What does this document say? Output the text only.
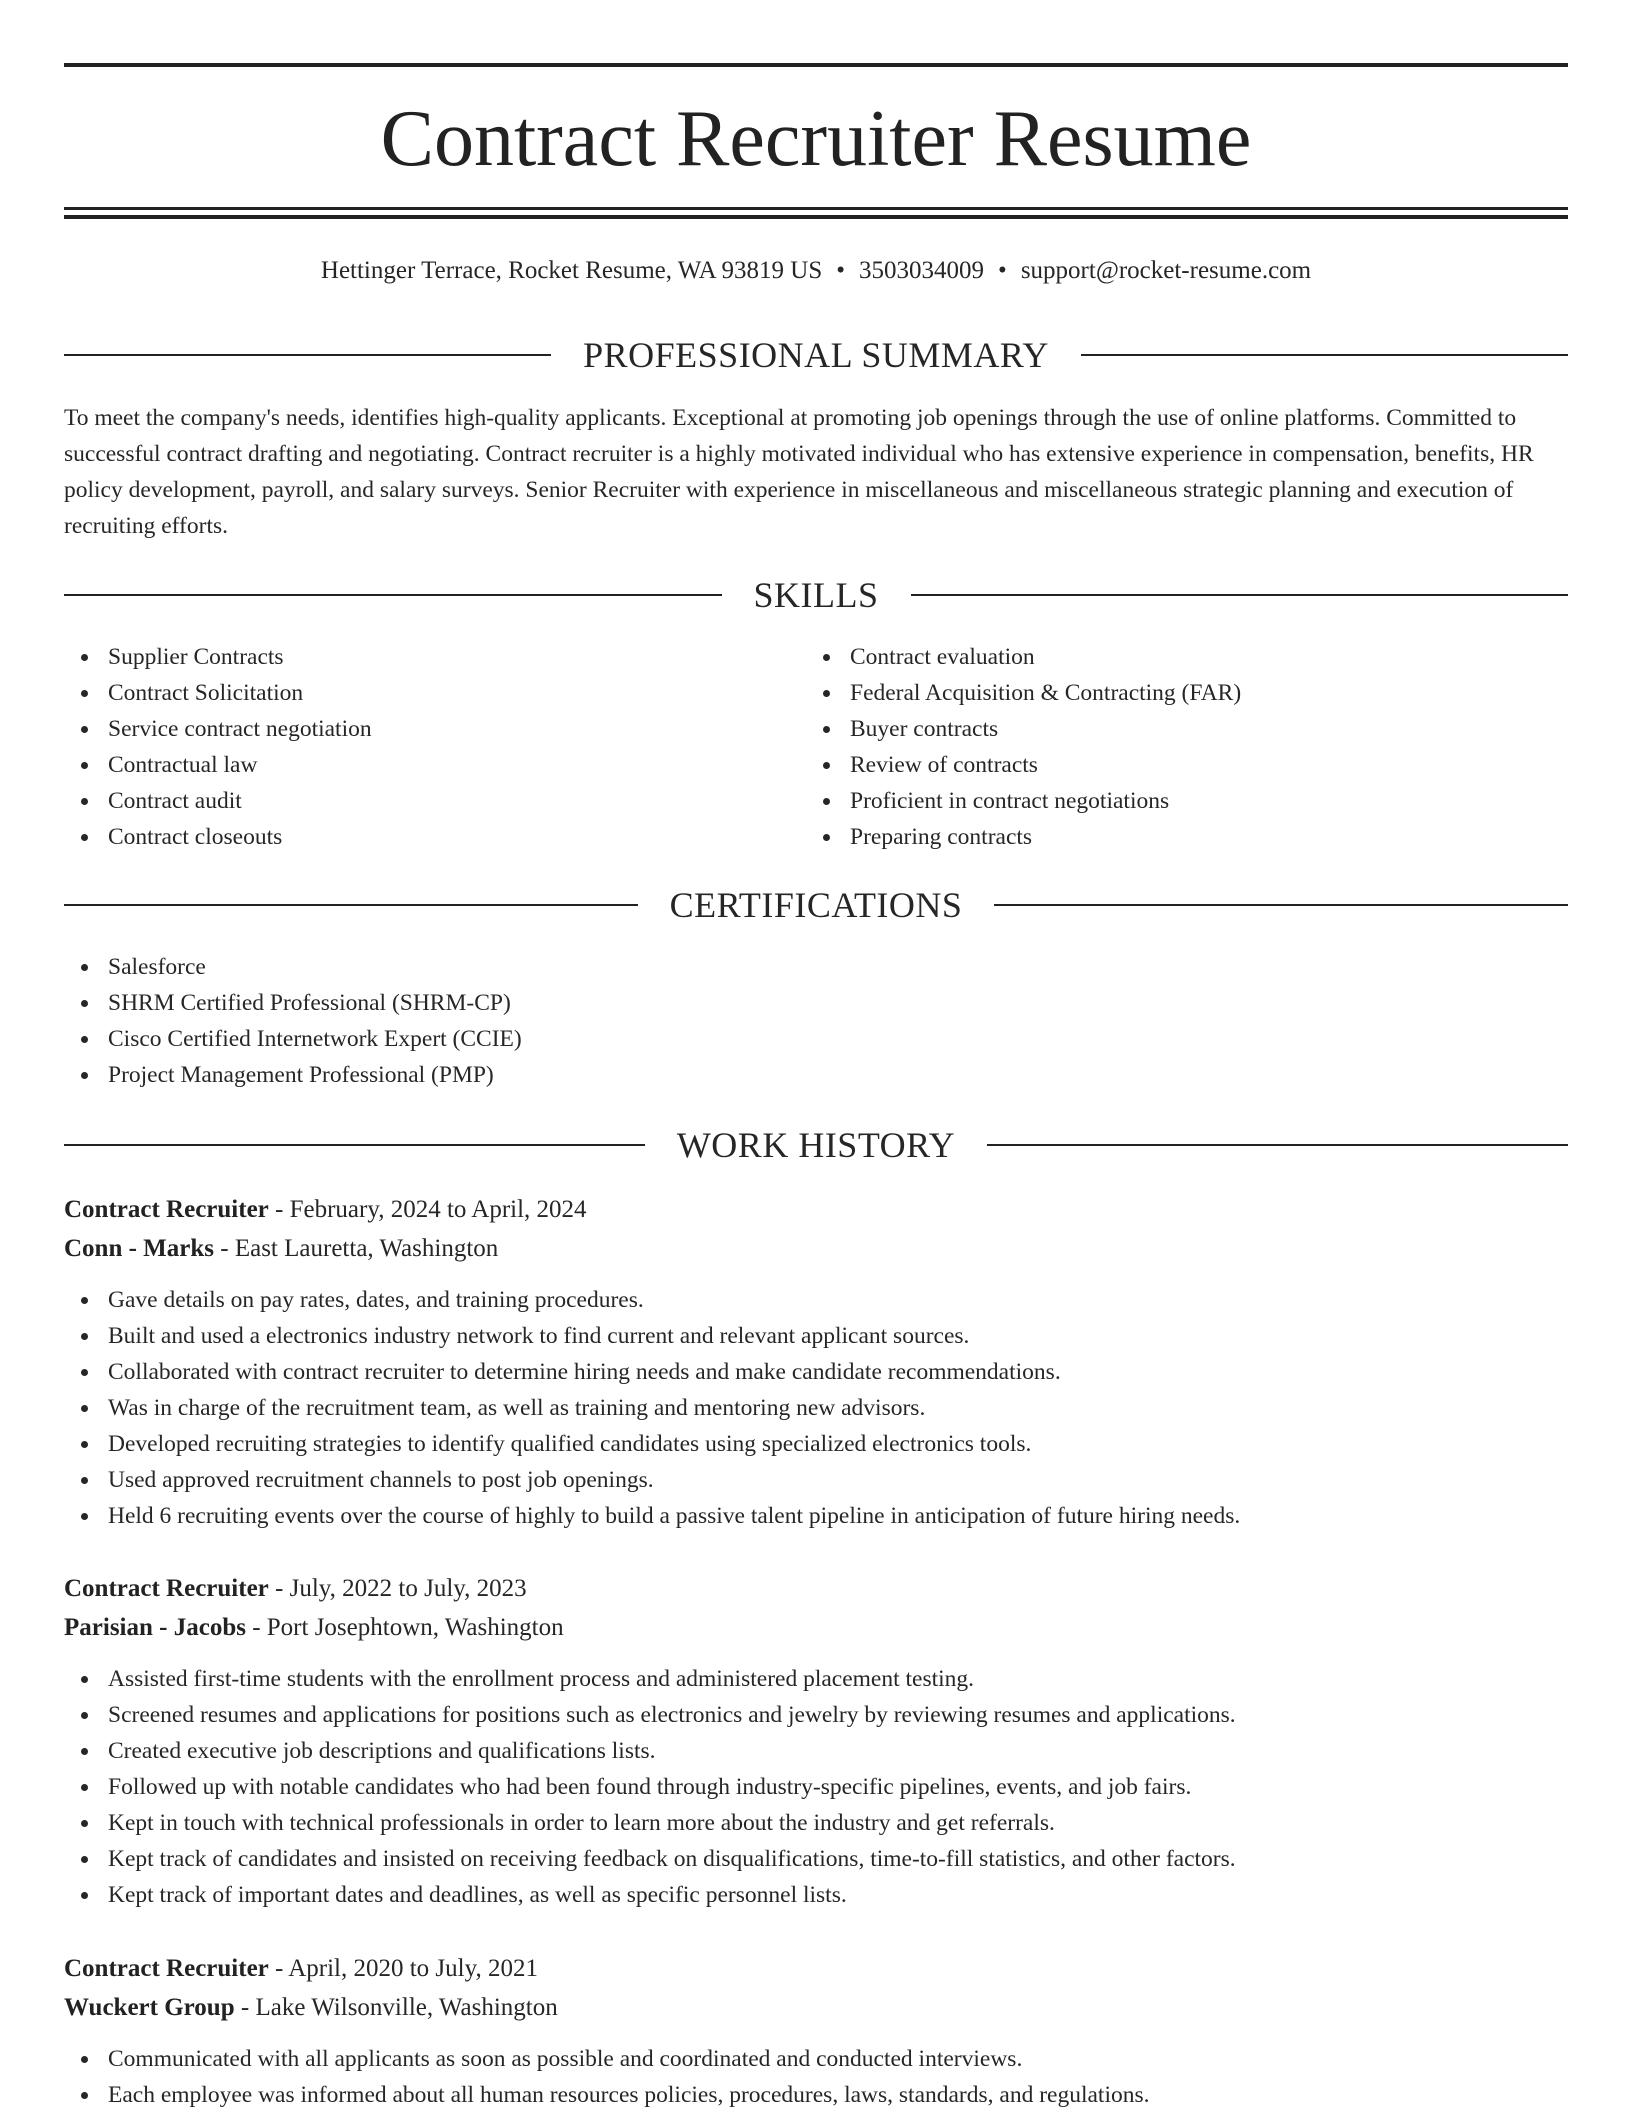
Contract Recruiter Resume
Hettinger Terrace, Rocket Resume, WA 93819 US • 3503034009 • support@rocket-resume.com
PROFESSIONAL SUMMARY

To meet the company's needs, identifies high-quality applicants. Exceptional at promoting job openings through the use of online platforms. Committed to successful contract drafting and negotiating. Contract recruiter is a highly motivated individual who has extensive experience in compensation, benefits, HR policy development, payroll, and salary surveys. Senior Recruiter with experience in miscellaneous and miscellaneous strategic planning and execution of recruiting efforts.

SKILLS
Supplier Contracts
Contract Solicitation
Service contract negotiation
Contractual law
Contract audit
Contract closeouts
Contract evaluation
Federal Acquisition & Contracting (FAR)
Buyer contracts
Review of contracts
Proficient in contract negotiations
Preparing contracts
CERTIFICATIONS
Salesforce
SHRM Certified Professional (SHRM-CP)
Cisco Certified Internetwork Expert (CCIE)
Project Management Professional (PMP)
WORK HISTORY
Contract Recruiter - February, 2024 to April, 2024
Conn - Marks - East Lauretta, Washington
Gave details on pay rates, dates, and training procedures.
Built and used a electronics industry network to find current and relevant applicant sources.
Collaborated with contract recruiter to determine hiring needs and make candidate recommendations.
Was in charge of the recruitment team, as well as training and mentoring new advisors.
Developed recruiting strategies to identify qualified candidates using specialized electronics tools.
Used approved recruitment channels to post job openings.
Held 6 recruiting events over the course of highly to build a passive talent pipeline in anticipation of future hiring needs.
Contract Recruiter - July, 2022 to July, 2023
Parisian - Jacobs - Port Josephtown, Washington
Assisted first-time students with the enrollment process and administered placement testing.
Screened resumes and applications for positions such as electronics and jewelry by reviewing resumes and applications.
Created executive job descriptions and qualifications lists.
Followed up with notable candidates who had been found through industry-specific pipelines, events, and job fairs.
Kept in touch with technical professionals in order to learn more about the industry and get referrals.
Kept track of candidates and insisted on receiving feedback on disqualifications, time-to-fill statistics, and other factors.
Kept track of important dates and deadlines, as well as specific personnel lists.
Contract Recruiter - April, 2020 to July, 2021
Wuckert Group - Lake Wilsonville, Washington
Communicated with all applicants as soon as possible and coordinated and conducted interviews.
Each employee was informed about all human resources policies, procedures, laws, standards, and regulations.
